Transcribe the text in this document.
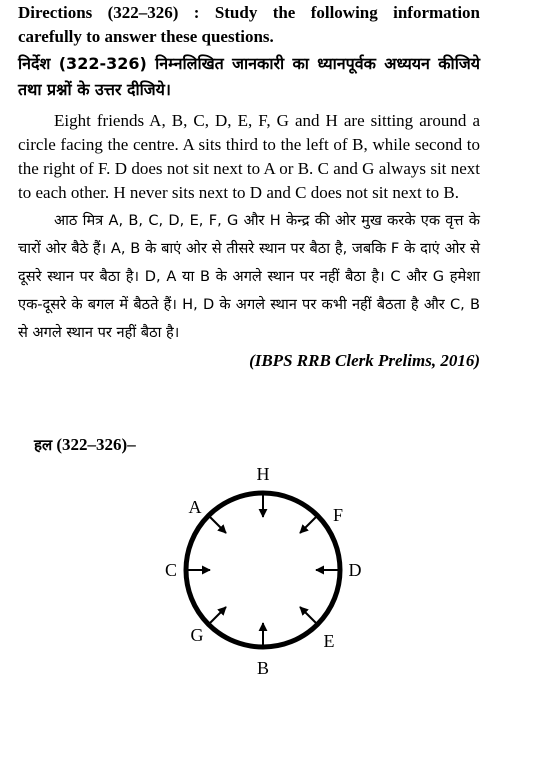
Directions (322–326) : Study the following information carefully to answer these questions.

निर्देश (322-326) निम्नलिखित जानकारी का ध्यानपूर्वक अध्ययन कीजिये तथा प्रश्नों के उत्तर दीजिये।

Eight friends A, B, C, D, E, F, G and H are sitting around a circle facing the centre. A sits third to the left of B, while second to the right of F. D does not sit next to A or B. C and G always sit next to each other. H never sits next to D and C does not sit next to B.

आठ मित्र A, B, C, D, E, F, G और H केन्द्र की ओर मुख करके एक वृत्त के चारों ओर बैठे हैं। A, B के बाएं ओर से तीसरे स्थान पर बैठा है, जबकि F के दाएं ओर से दूसरे स्थान पर बैठा है। D, A या B के अगले स्थान पर नहीं बैठा है। C और G हमेशा एक-दूसरे के बगल में बैठते हैं। H, D के अगले स्थान पर कभी नहीं बैठता है और C, B से अगले स्थान पर नहीं बैठा है।

(IBPS RRB Clerk Prelims, 2016)

हल (322–326)–
H
F
D
E
B
G
C
A
